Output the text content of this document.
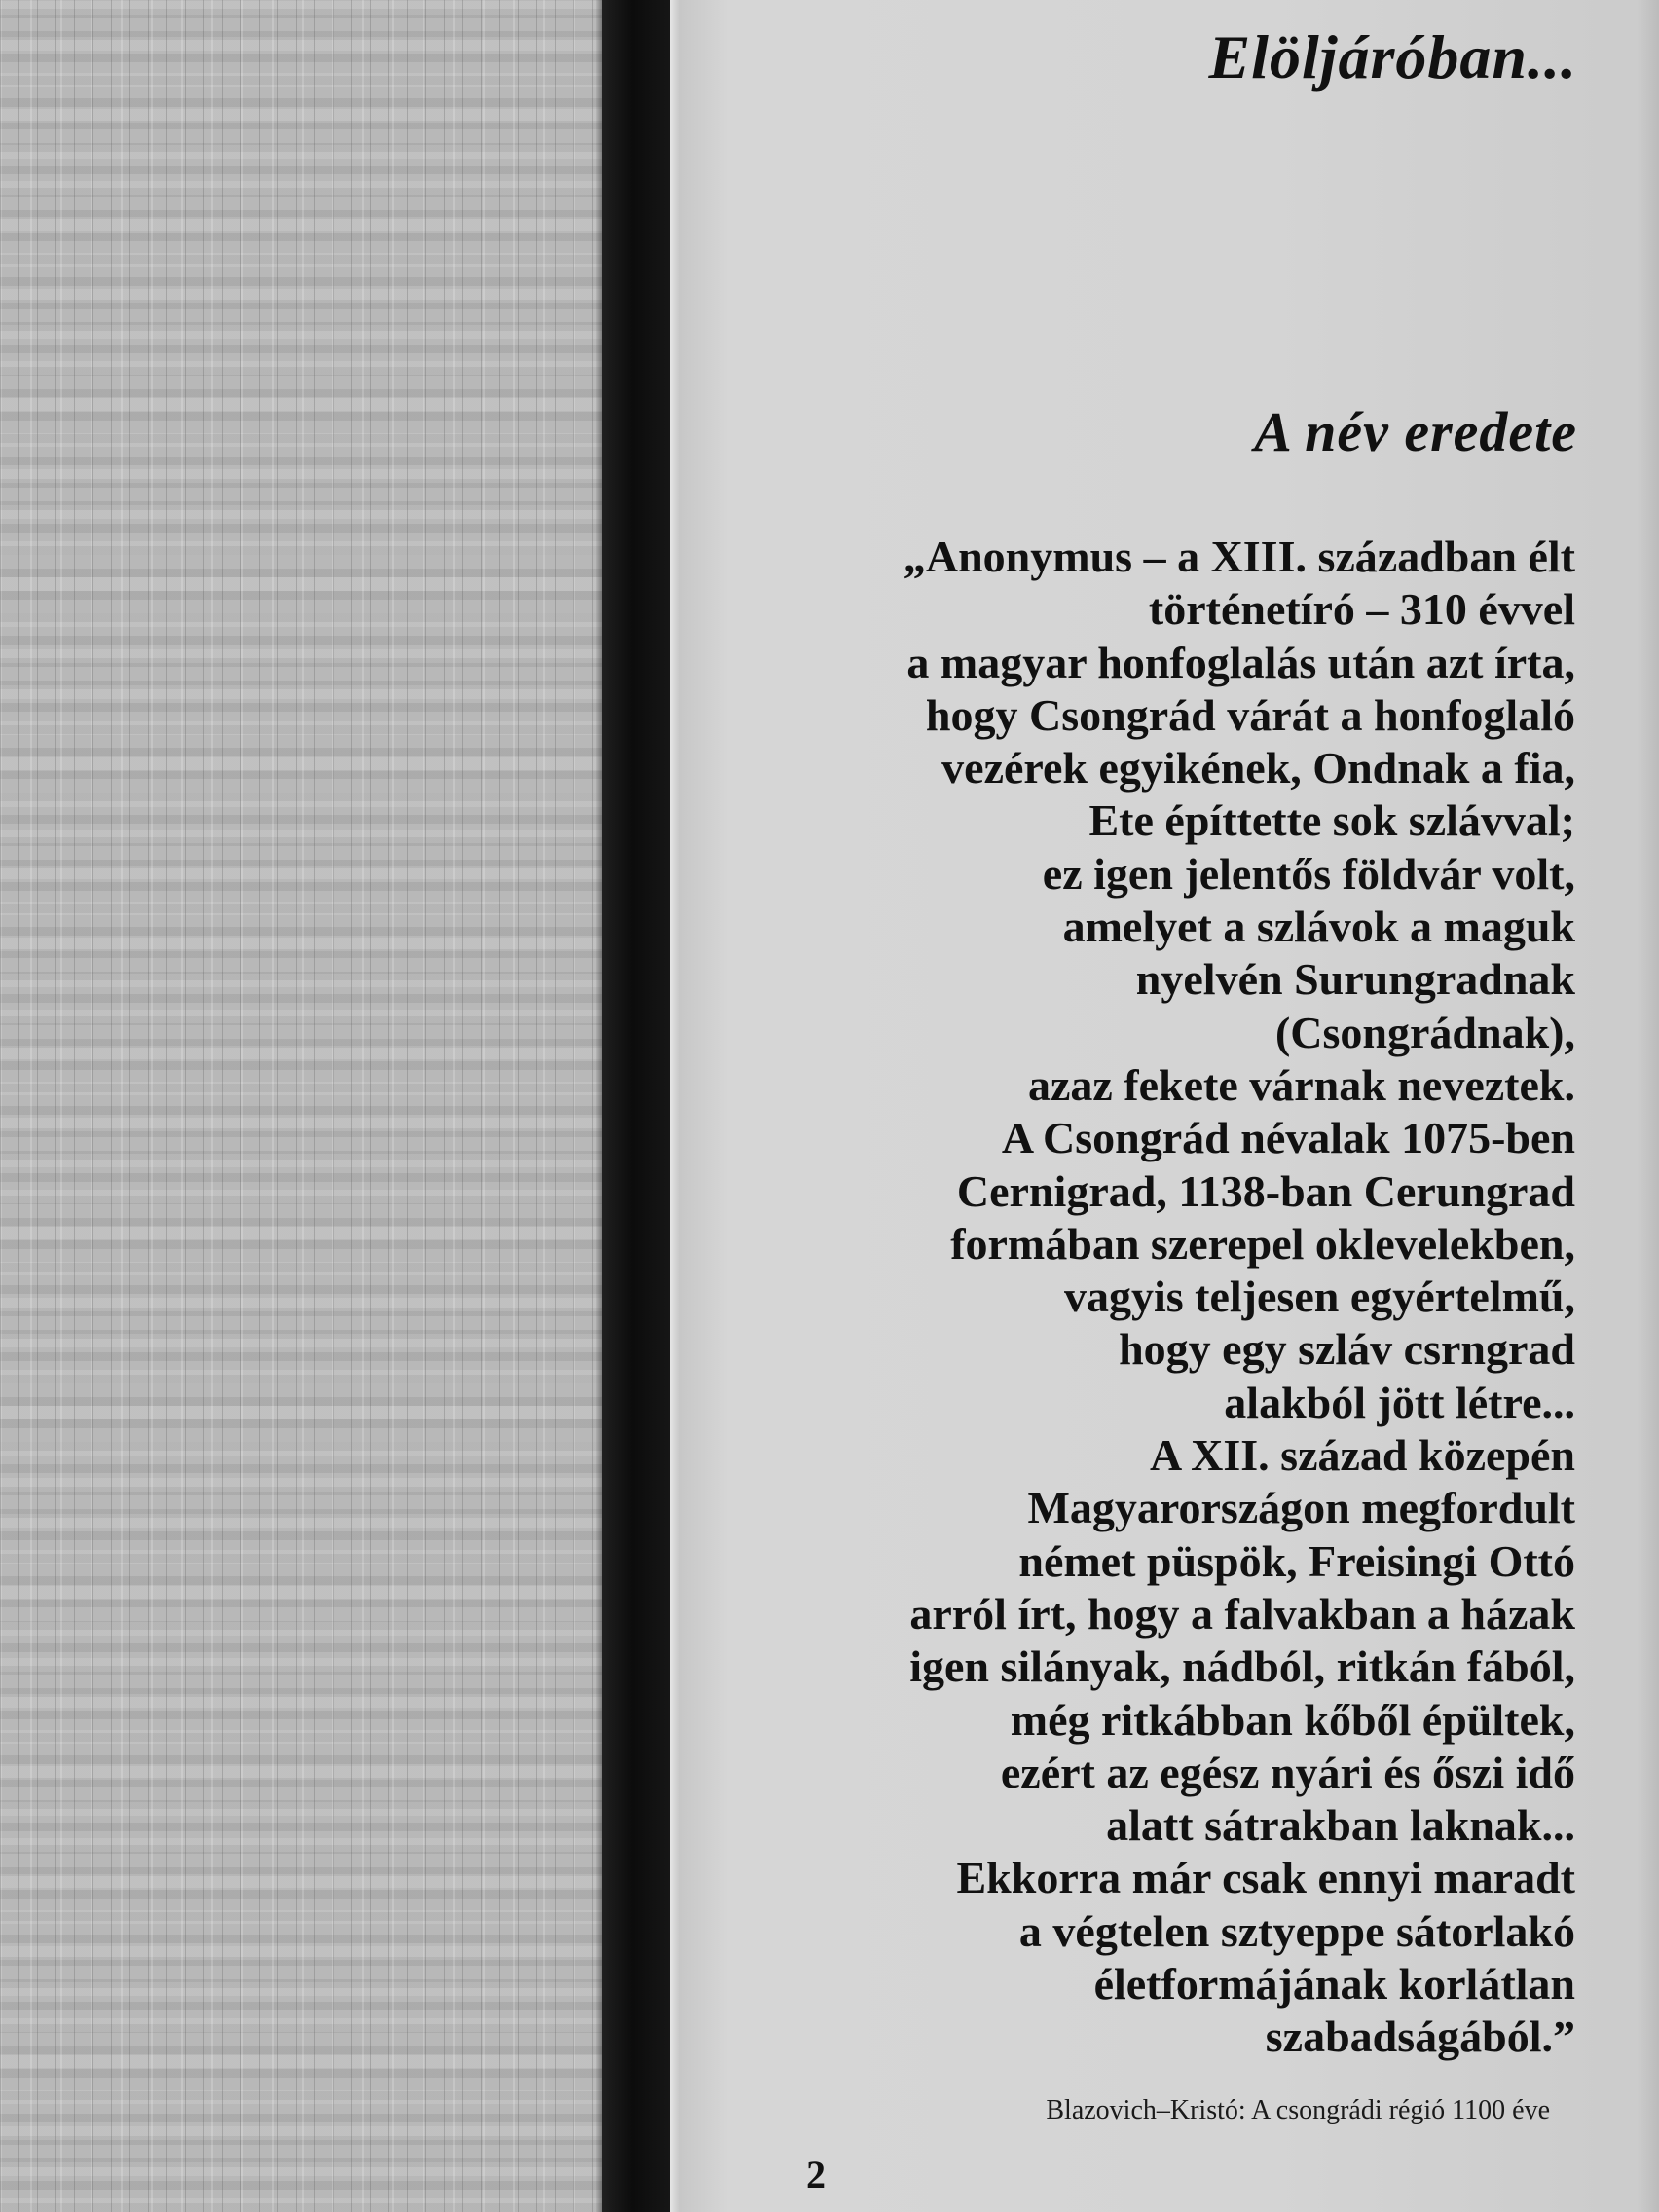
Elöljáróban...
A név eredete
„Anonymus – a XIII. században élt
történetíró – 310 évvel
a magyar honfoglalás után azt írta,
hogy Csongrád várát a honfoglaló
vezérek egyikének, Ondnak a fia,
Ete építtette sok szlávval;
ez igen jelentős földvár volt,
amelyet a szlávok a maguk
nyelvén Surungradnak
(Csongrádnak),
azaz fekete várnak neveztek.
A Csongrád névalak 1075-ben
Cernigrad, 1138-ban Cerungrad
formában szerepel oklevelekben,
vagyis teljesen egyértelmű,
hogy egy szláv csrngrad
alakból jött létre...
A XII. század közepén
Magyarországon megfordult
német püspök, Freisingi Ottó
arról írt, hogy a falvakban a házak
igen silányak, nádból, ritkán fából,
még ritkábban kőből épültek,
ezért az egész nyári és őszi idő
alatt sátrakban laknak...
Ekkorra már csak ennyi maradt
a végtelen sztyeppe sátorlakó
életformájának korlátlan
szabadságából.”

Blazovich–Kristó: A csongrádi régió 1100 éve

2
